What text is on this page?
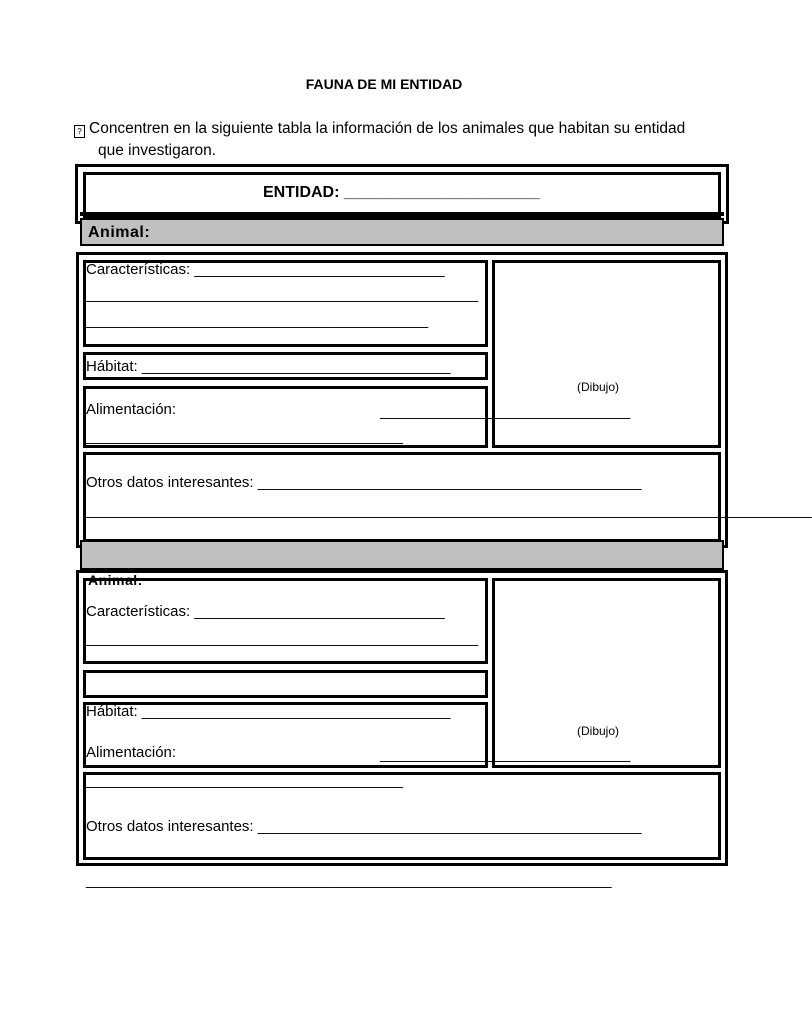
FAUNA DE MI ENTIDAD
? Concentren en la siguiente tabla la información de los animales que habitan su entidad
que investigaron.
ENTIDAD: ______________________
Animal:
Características: ______________________________
_______________________________________________
_________________________________________
Hábitat: _____________________________________
Alimentación:	______________________________
______________________________________
(Dibujo)
Otros datos interesantes: ______________________________________________
_______________________________________________________________________________________
Animal:
Características: ______________________________
_______________________________________________
_________________________________________
Hábitat: _____________________________________
Alimentación:	______________________________
______________________________________
(Dibujo)
Otros datos interesantes: ______________________________________________
_______________________________________________________________
